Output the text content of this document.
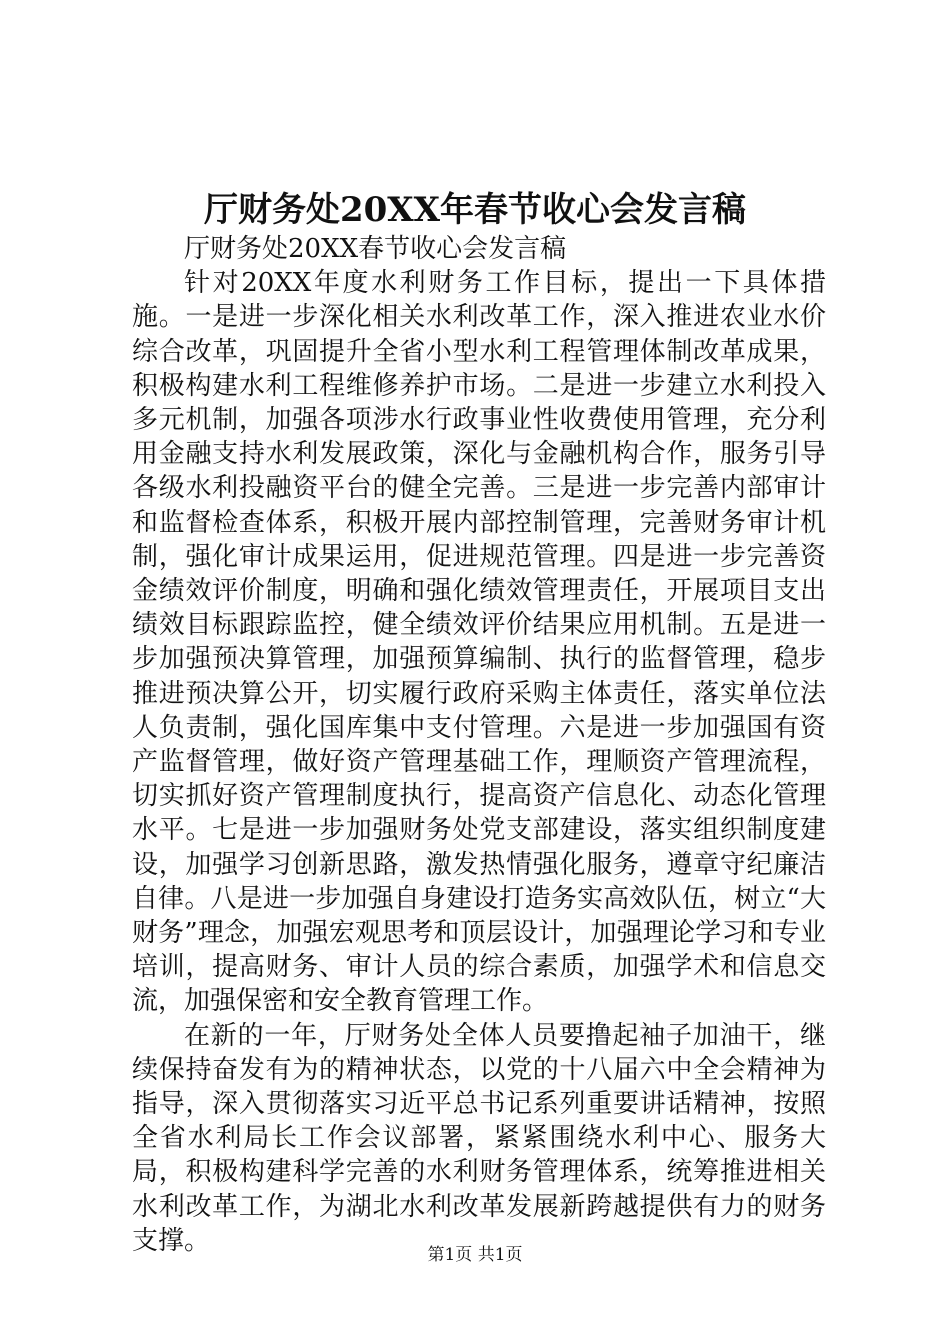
厅财务处20XX年春节收心会发言稿

厅财务处20XX春节收心会发言稿

针对20XX年度水利财务工作目标，提出一下具体措施。一是进一步深化相关水利改革工作，深入推进农业水价综合改革，巩固提升全省小型水利工程管理体制改革成果，积极构建水利工程维修养护市场。二是进一步建立水利投入多元机制，加强各项涉水行政事业性收费使用管理，充分利用金融支持水利发展政策，深化与金融机构合作，服务引导各级水利投融资平台的健全完善。三是进一步完善内部审计和监督检查体系，积极开展内部控制管理，完善财务审计机制，强化审计成果运用，促进规范管理。四是进一步完善资金绩效评价制度，明确和强化绩效管理责任，开展项目支出绩效目标跟踪监控，健全绩效评价结果应用机制。五是进一步加强预决算管理，加强预算编制、执行的监督管理，稳步推进预决算公开，切实履行政府采购主体责任，落实单位法人负责制，强化国库集中支付管理。六是进一步加强国有资产监督管理，做好资产管理基础工作，理顺资产管理流程，切实抓好资产管理制度执行，提高资产信息化、动态化管理水平。七是进一步加强财务处党支部建设，落实组织制度建设，加强学习创新思路，激发热情强化服务，遵章守纪廉洁自律。八是进一步加强自身建设打造务实高效队伍，树立“大财务”理念，加强宏观思考和顶层设计，加强理论学习和专业培训，提高财务、审计人员的综合素质，加强学术和信息交流，加强保密和安全教育管理工作。

在新的一年，厅财务处全体人员要撸起袖子加油干，继续保持奋发有为的精神状态，以党的十八届六中全会精神为指导，深入贯彻落实习近平总书记系列重要讲话精神，按照全省水利局长工作会议部署，紧紧围绕水利中心、服务大局，积极构建科学完善的水利财务管理体系，统筹推进相关水利改革工作，为湖北水利改革发展新跨越提供有力的财务支撑。	第1页 共1页
